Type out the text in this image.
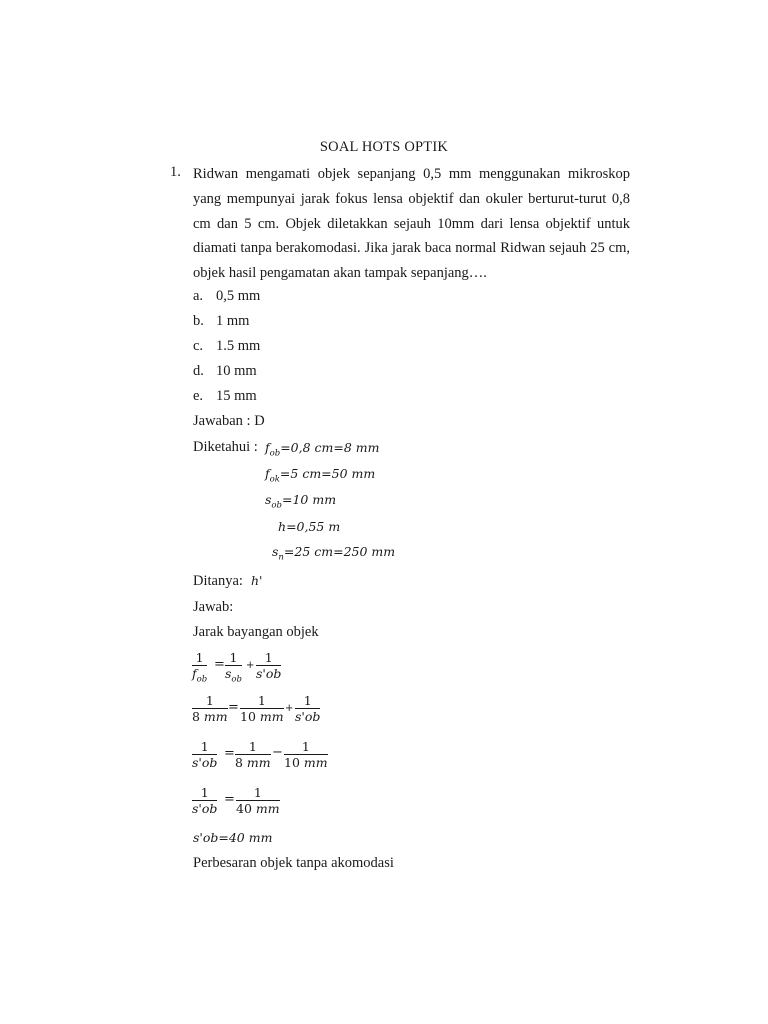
SOAL HOTS OPTIK
1. Ridwan mengamati objek sepanjang 0,5 mm menggunakan mikroskop
yang mempunyai jarak fokus lensa objektif dan okuler berturut-turut 0,8
cm dan 5 cm. Objek diletakkan sejauh 10mm dari lensa objektif untuk
diamati tanpa berakomodasi. Jika jarak baca normal Ridwan sejauh 25 cm,
objek hasil pengamatan akan tampak sepanjang….
a. 0,5 mm
b. 1 mm
c. 1.5 mm
d. 10 mm
e. 15 mm
Jawaban : D
Diketahui : $f_{ob}=0,8$ cm=8 mm
$f_{ok}=5$ cm=50 mm
$s_{ob}=10$ mm
h=0,55 m
$s_n=25$ cm=250 mm
Ditanya: h'
Jawab:
Jarak bayangan objek
1
$f_{ob}$
= 1
$s_{ob}$
+ $\frac{1}{s'ob}$
$\frac{1}{8 mm} = \frac{1}{10 mm} + \frac{1}{s'ob}$
$\frac{1}{s'ob} = \frac{1}{8 mm} - \frac{1}{10 mm}$
$\frac{1}{s'ob} = \frac{1}{40 mm}$
s'ob=40 mm
Perbesaran objek tanpa akomodasi
